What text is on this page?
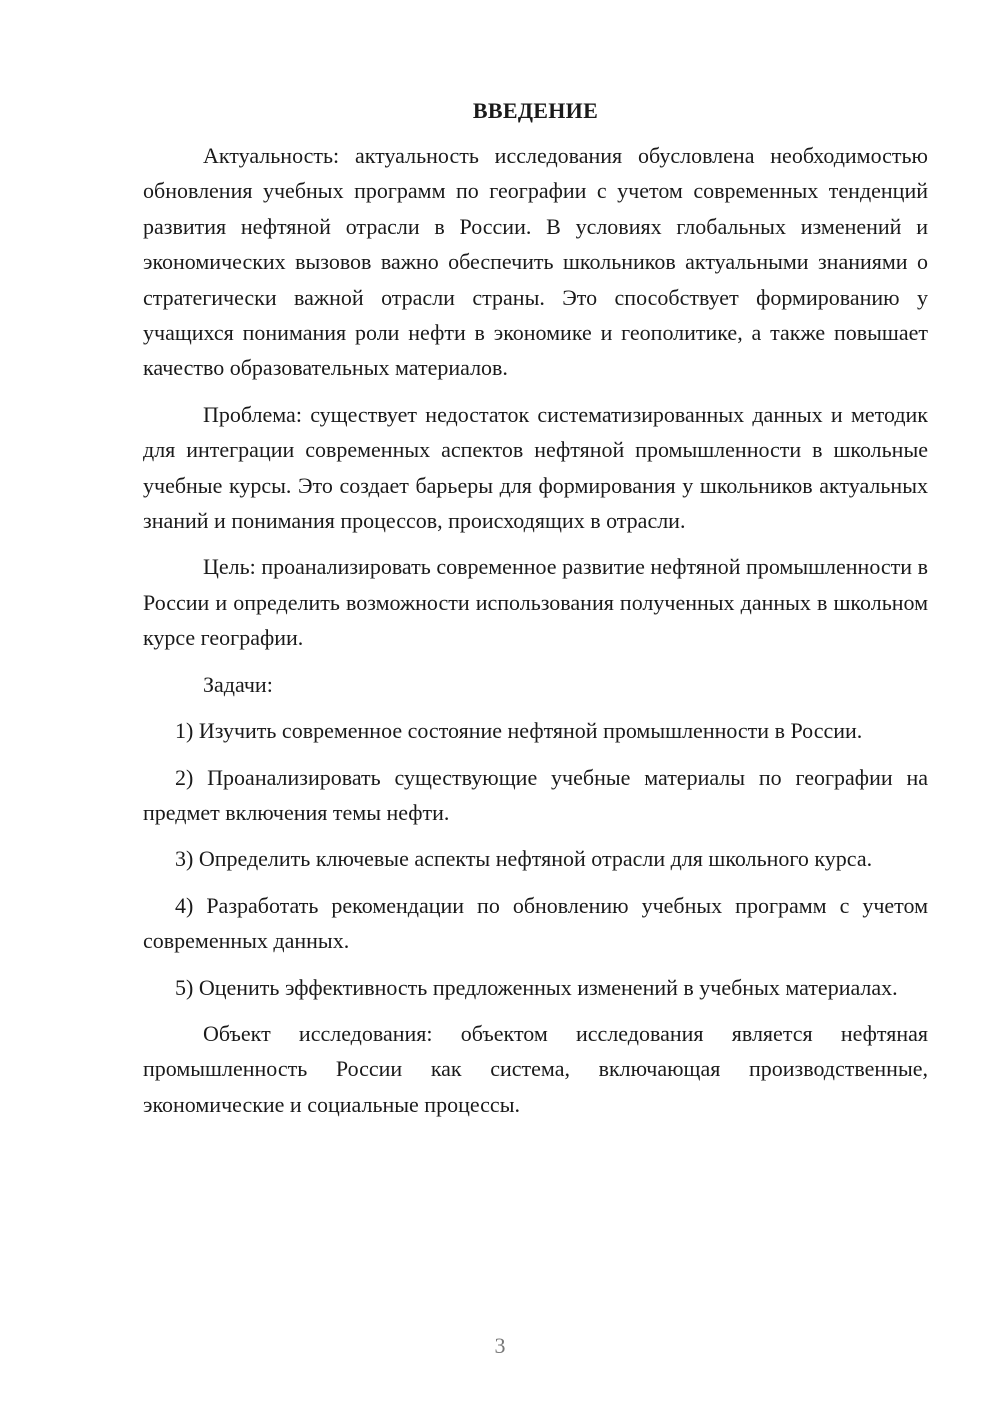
ВВЕДЕНИЕ

Актуальность: актуальность исследования обусловлена необходимостью обновления учебных программ по географии с учетом современных тенденций развития нефтяной отрасли в России. В условиях глобальных изменений и экономических вызовов важно обеспечить школьников актуальными знаниями о стратегически важной отрасли страны. Это способствует формированию у учащихся понимания роли нефти в экономике и геополитике, а также повышает качество образовательных материалов.

Проблема: существует недостаток систематизированных данных и методик для интеграции современных аспектов нефтяной промышленности в школьные учебные курсы. Это создает барьеры для формирования у школьников актуальных знаний и понимания процессов, происходящих в отрасли.

Цель: проанализировать современное развитие нефтяной промышленности в России и определить возможности использования полученных данных в школьном курсе географии.

Задачи:

1) Изучить современное состояние нефтяной промышленности в России.

2) Проанализировать существующие учебные материалы по географии на предмет включения темы нефти.

3) Определить ключевые аспекты нефтяной отрасли для школьного курса.

4) Разработать рекомендации по обновлению учебных программ с учетом современных данных.

5) Оценить эффективность предложенных изменений в учебных материалах.

Объект исследования: объектом исследования является нефтяная промышленность России как система, включающая производственные, экономические и социальные процессы.

3
